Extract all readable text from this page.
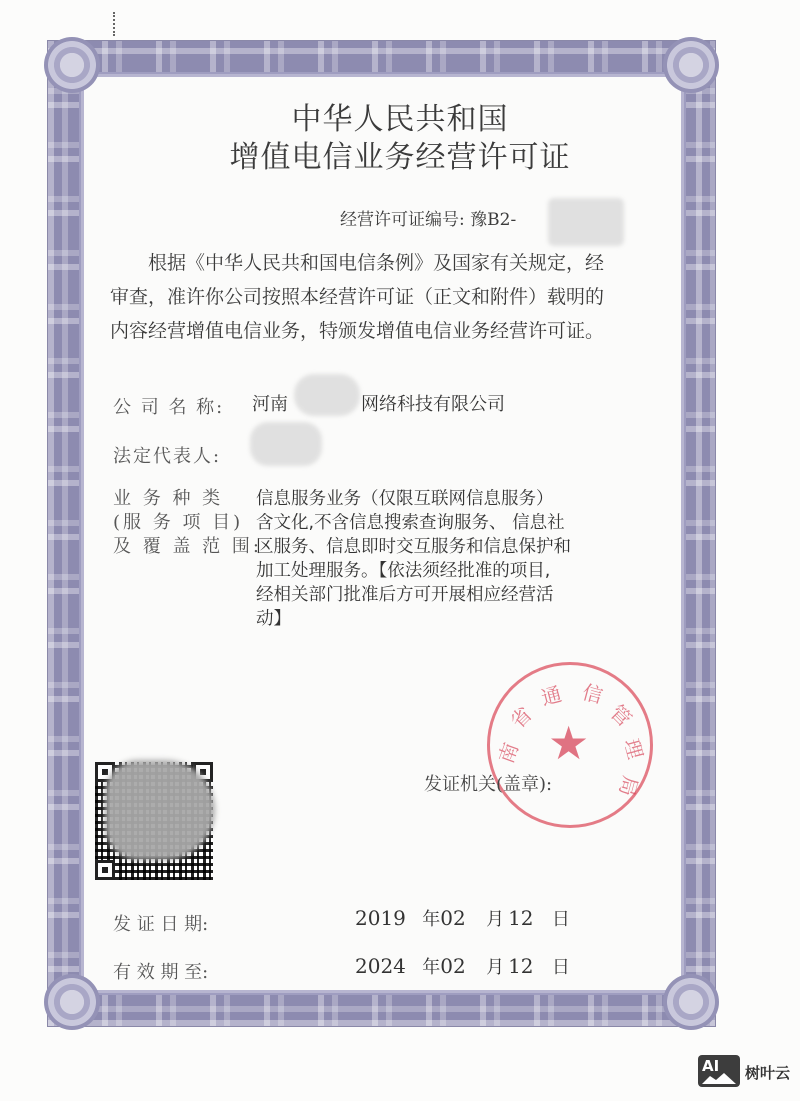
中华人民共和国
增值电信业务经营许可证
经营许可证编号: 豫B2-

根据《中华人民共和国电信条例》及国家有关规定，经

审查，准许你公司按照本经营许可证（正文和附件）载明的

内容经营增值电信业务，特颁发增值电信业务经营许可证。

公 司 名 称: 河南	网络科技有限公司
法定代表人:

业 务 种 类

(服 务 项 目)

及 覆 盖 范 围:

信息服务业务（仅限互联网信息服务）

含文化,不含信息搜索查询服务、 信息社

区服务、信息即时交互服务和信息保护和

加工处理服务。【依法须经批准的项目,

经相关部门批准后方可开展相应经营活

动】

★
南
省
通 信
管
理
局
发证机关(盖章):
发 证 日 期:	2019 年02 月 12 日
有 效 期 至:	2024 年02 月 12 日
AI	树叶云
